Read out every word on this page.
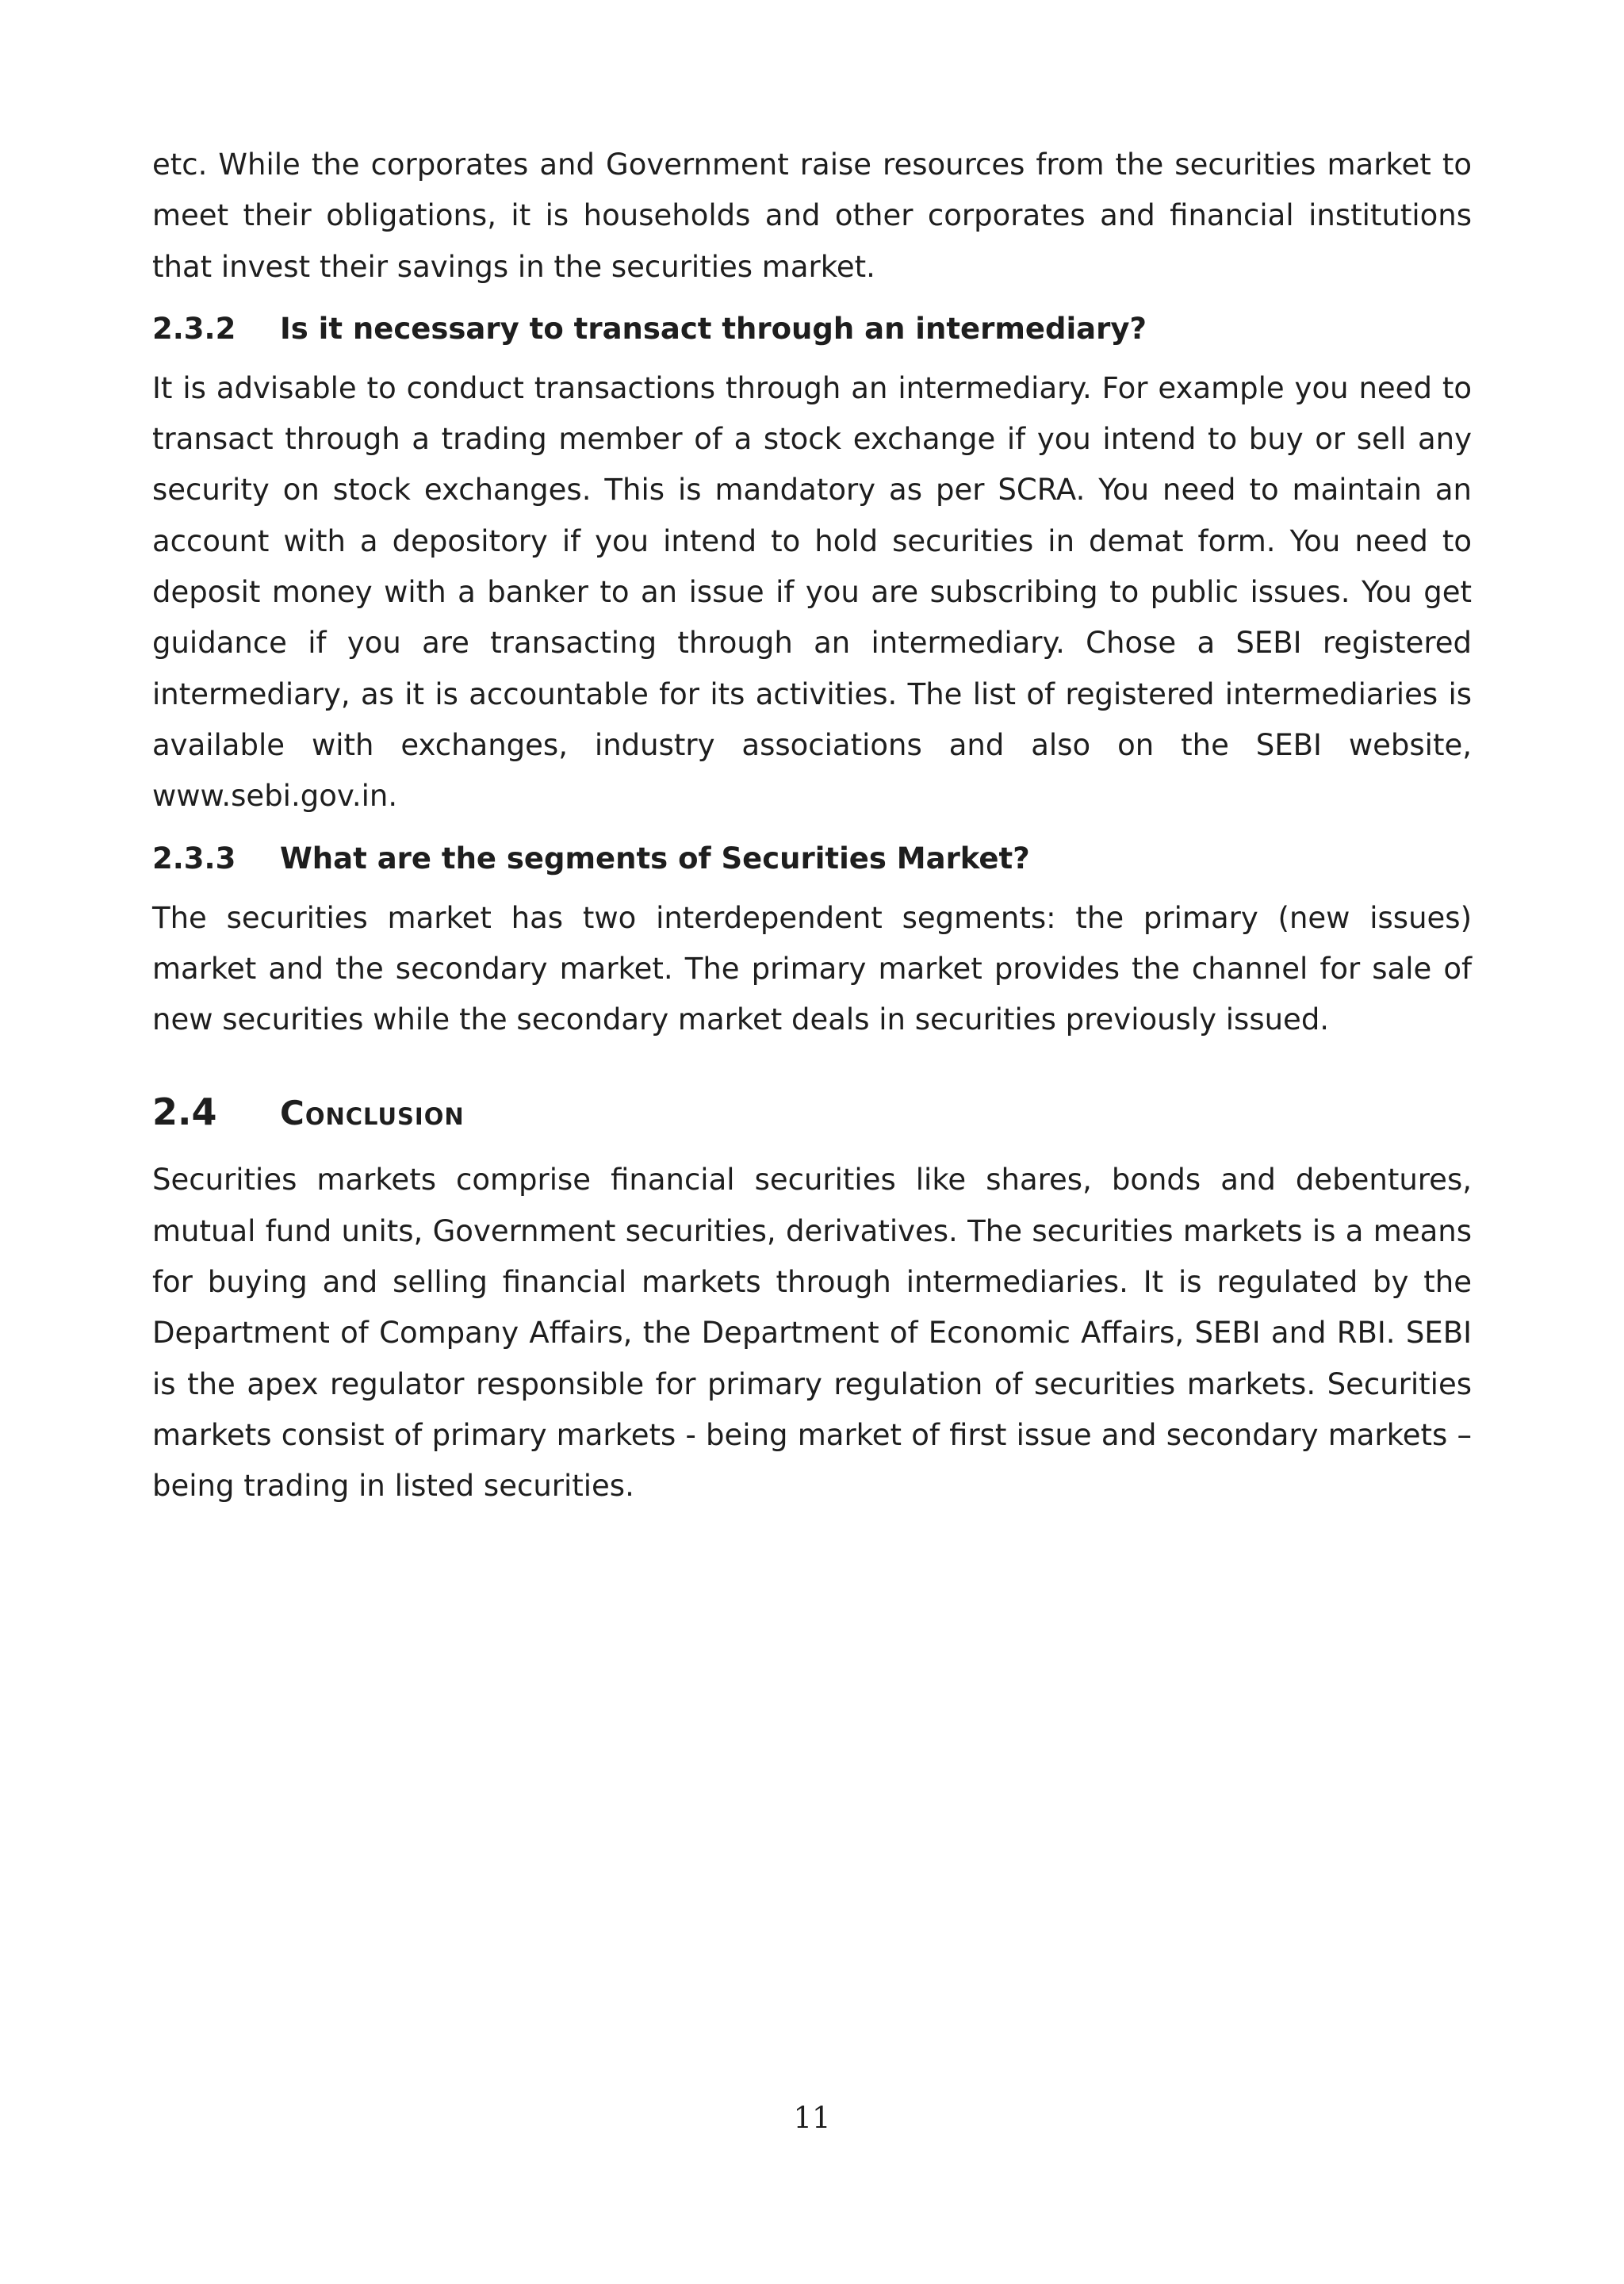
etc. While the corporates and Government raise resources from the securities market to meet their obligations, it is households and other corporates and financial institutions that invest their savings in the securities market.

2.3.2	Is it necessary to transact through an intermediary?

It is advisable to conduct transactions through an intermediary. For example you need to transact through a trading member of a stock exchange if you intend to buy or sell any security on stock exchanges. This is mandatory as per SCRA. You need to maintain an account with a depository if you intend to hold securities in demat form. You need to deposit money with a banker to an issue if you are subscribing to public issues. You get guidance if you are transacting through an intermediary. Chose a SEBI registered intermediary, as it is accountable for its activities. The list of registered intermediaries is available with exchanges, industry associations and also on the SEBI website, www.sebi.gov.in.

2.3.3	What are the segments of Securities Market?

The securities market has two interdependent segments: the primary (new issues) market and the secondary market. The primary market provides the channel for sale of new securities while the secondary market deals in securities previously issued.

2.4	Conclusion

Securities markets comprise financial securities like shares, bonds and debentures, mutual fund units, Government securities, derivatives. The securities markets is a means for buying and selling financial markets through intermediaries. It is regulated by the Department of Company Affairs, the Department of Economic Affairs, SEBI and RBI. SEBI is the apex regulator responsible for primary regulation of securities markets. Securities markets consist of primary markets - being market of first issue and secondary markets – being trading in listed securities.

11
